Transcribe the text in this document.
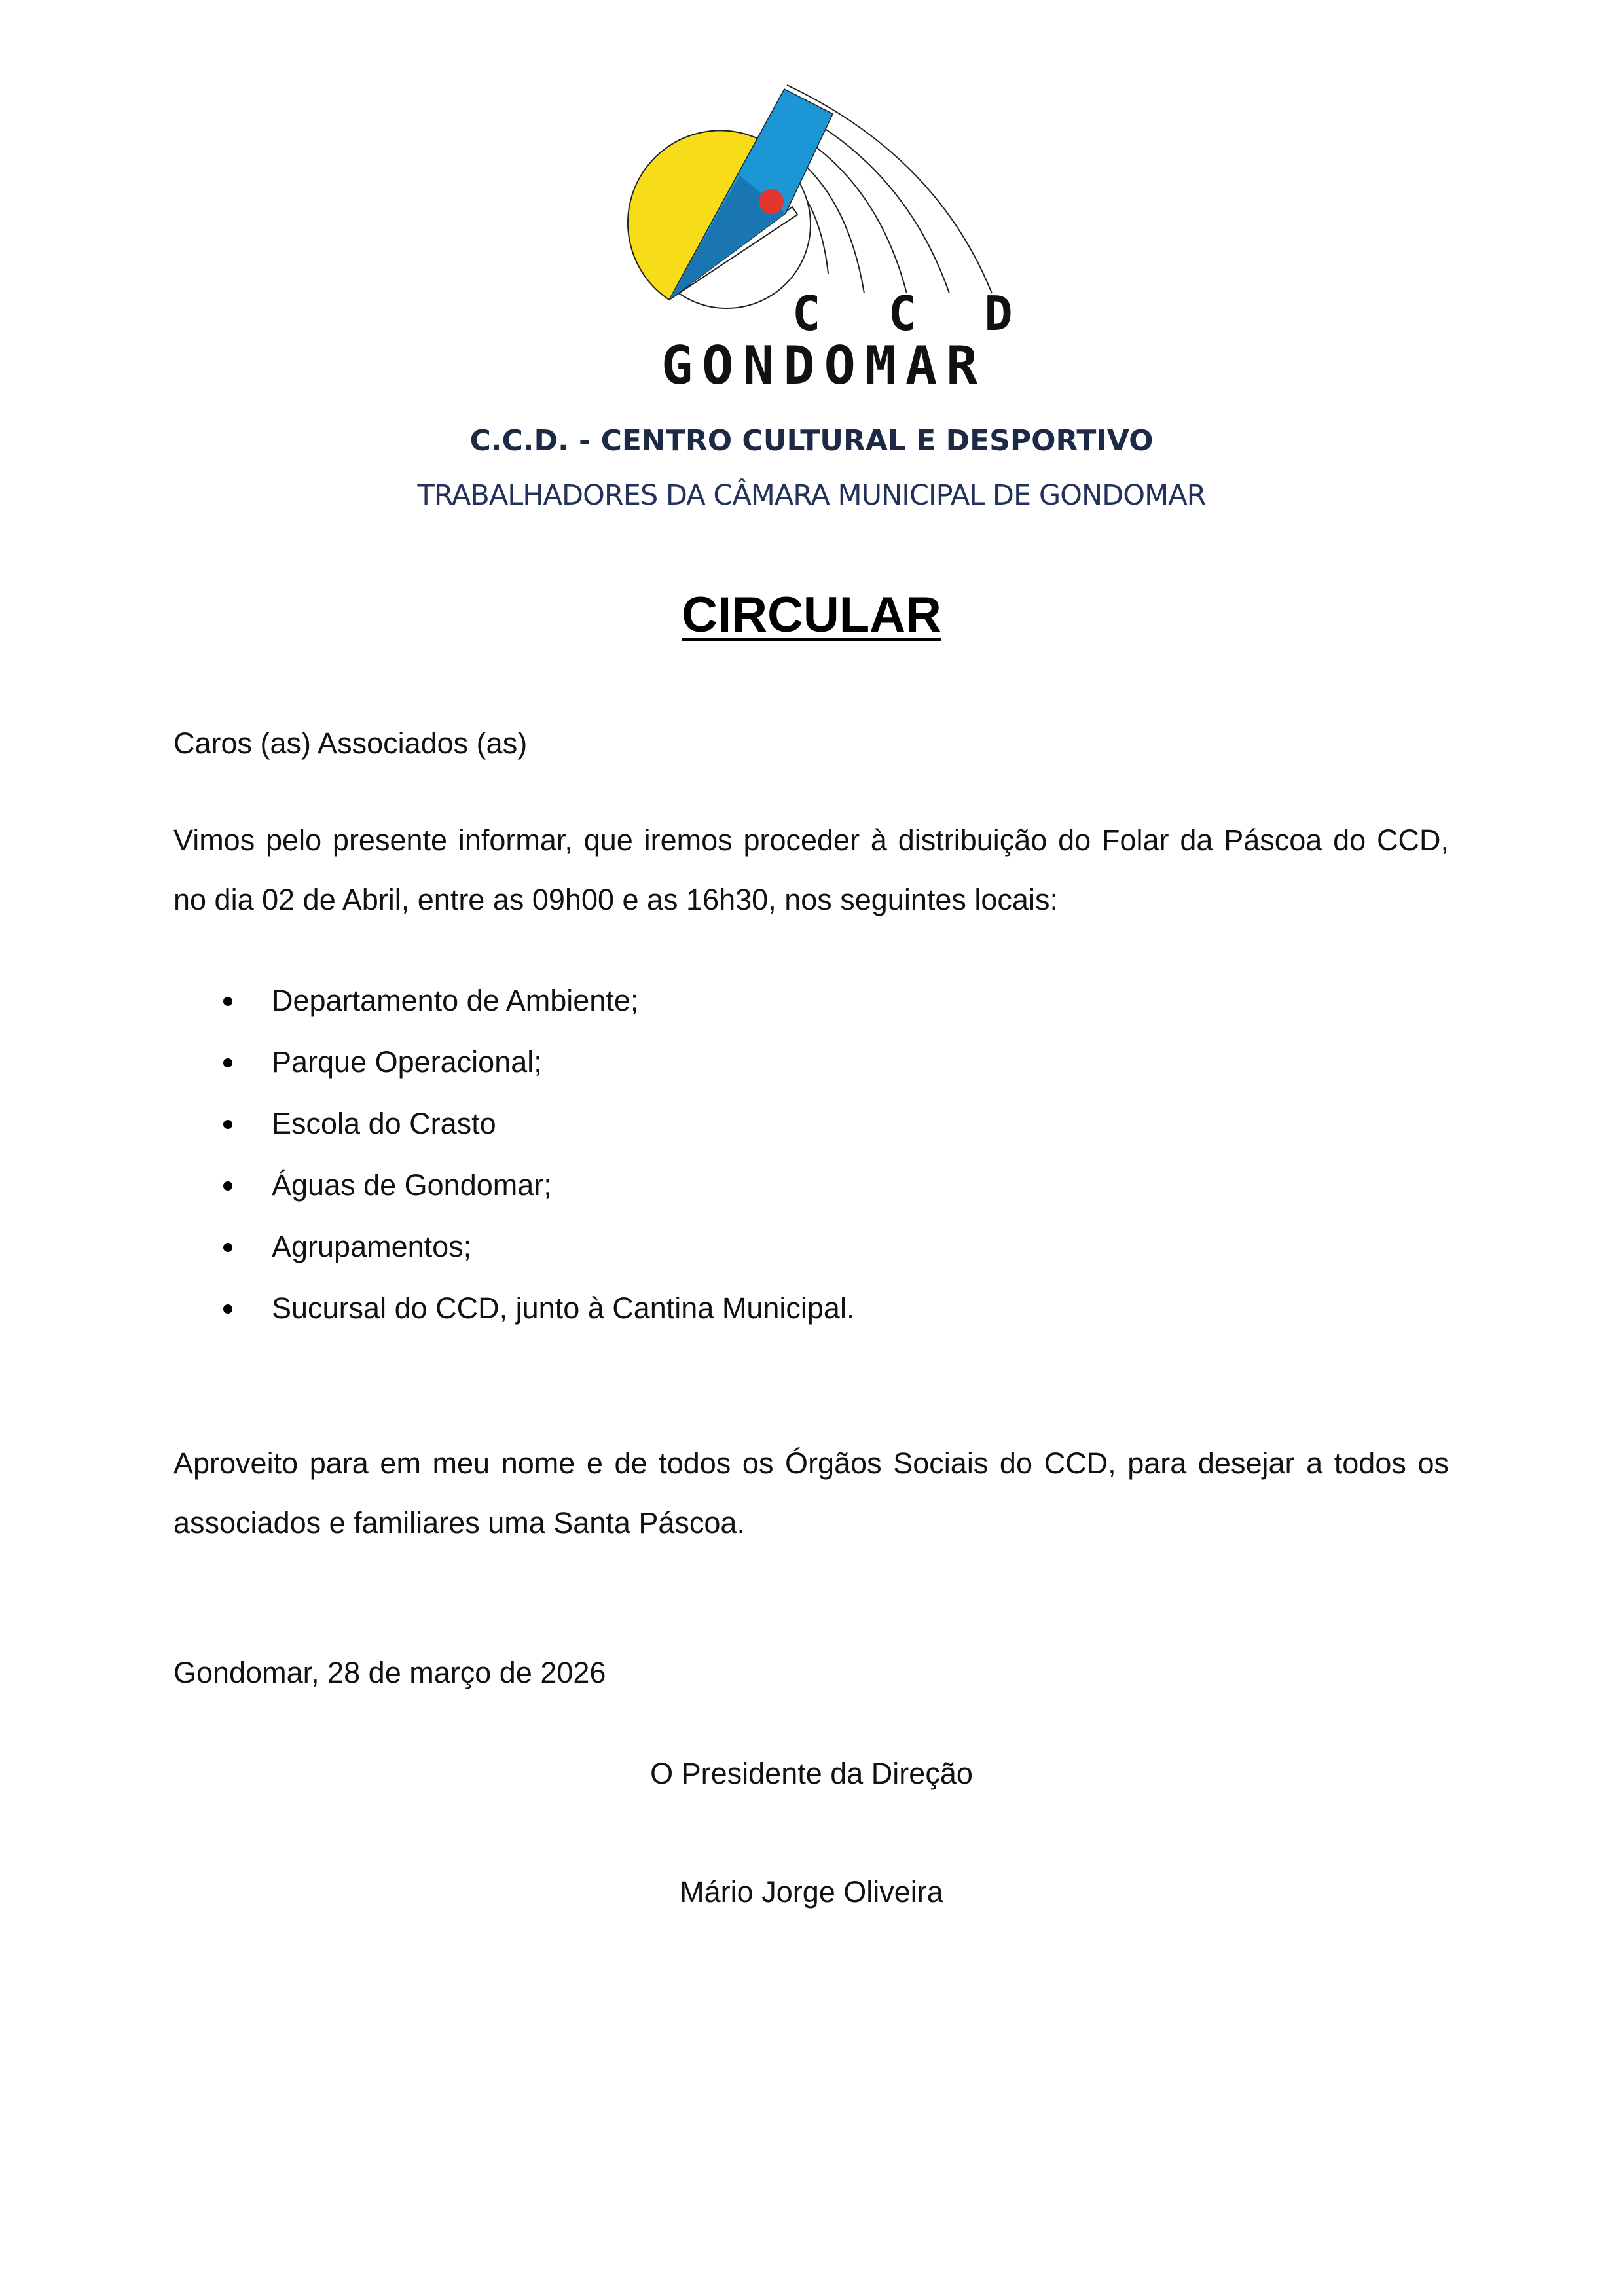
C C D
GONDOMAR
C.C.D. - CENTRO CULTURAL E DESPORTIVO
TRABALHADORES DA CÂMARA MUNICIPAL DE GONDOMAR
CIRCULAR
Caros (as) Associados (as)
Vimos pelo presente informar, que iremos proceder à distribuição do Folar da Páscoa do CCD, no dia 02 de Abril, entre as 09h00 e as 16h30, nos seguintes locais:
Departamento de Ambiente;
Parque Operacional;
Escola do Crasto
Águas de Gondomar;
Agrupamentos;
Sucursal do CCD, junto à Cantina Municipal.
Aproveito para em meu nome e de todos os Órgãos Sociais do CCD, para desejar a todos os associados e familiares uma Santa Páscoa.
Gondomar, 28 de março de 2026
O Presidente da Direção
Mário Jorge Oliveira
